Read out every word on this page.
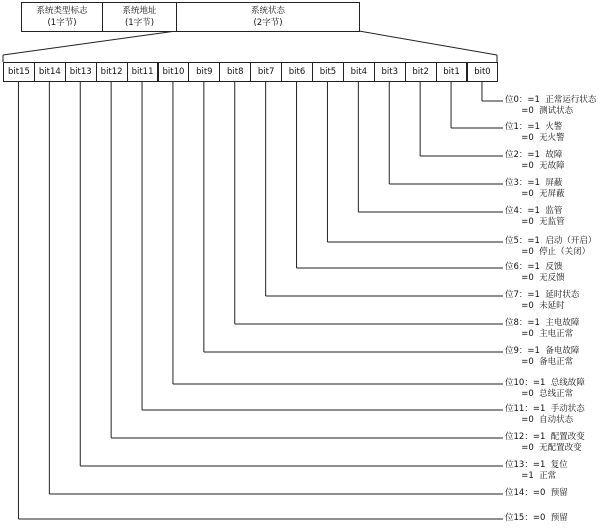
系统类型标志
(1字节)
系统地址
(1字节)
系统状态
(2字节)
bit15	bit14	bit13	bit12	bit11	bit10	bit9	bit8	bit7	bit6	bit5	bit4	bit3	bit2	bit1	bit0
位0：=1  正常运行状态
=0  测试状态
位1：=1  火警
=0  无火警
位2：=1  故障
=0  无故障
位3：=1  屏蔽
=0  无屏蔽
位4：=1  监管
=0  无监管
位5：=1  启动（开启）
=0  停止（关闭）
位6：=1  反馈
=0  无反馈
位7：=1  延时状态
=0  未延时
位8：=1  主电故障
=0  主电正常
位9：=1  备电故障
=0  备电正常
位10：=1  总线故障
=0  总线正常
位11：=1  手动状态
=0  自动状态
位12：=1  配置改变
=0  无配置改变
位13：=1  复位
=1  正常
位14：=0  预留
位15：=0  预留
